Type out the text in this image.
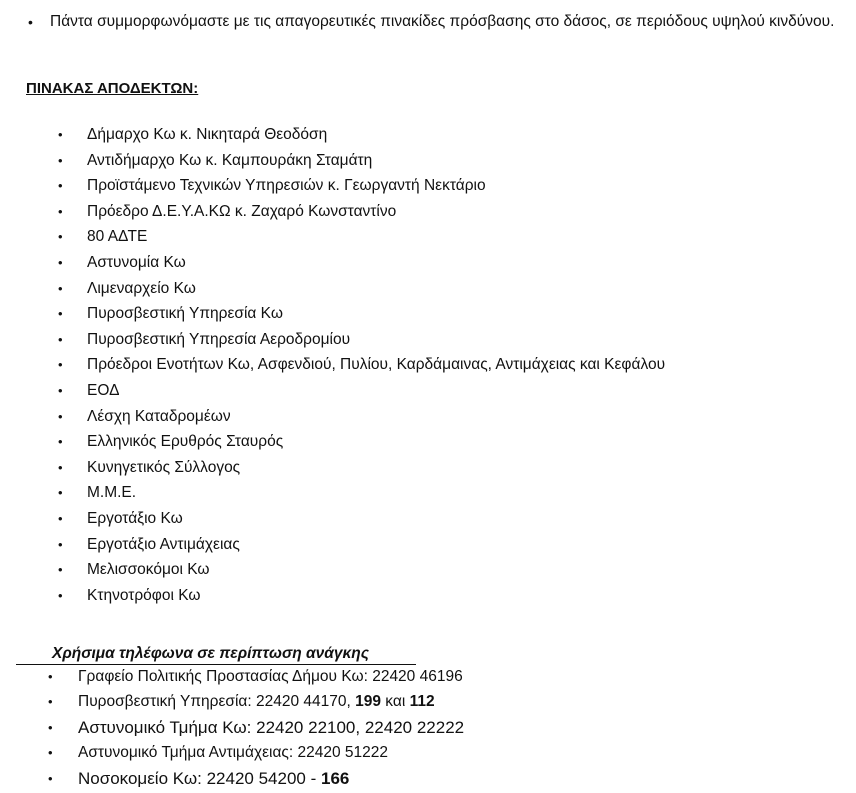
• Πάντα συμμορφωνόμαστε με τις απαγορευτικές πινακίδες πρόσβασης στο δάσος, σε περιόδους υψηλού κινδύνου.
ΠΙΝΑΚΑΣ ΑΠΟΔΕΚΤΩΝ:
• Δήμαρχο Κω κ. Νικηταρά Θεοδόση
• Αντιδήμαρχο Κω κ. Καμπουράκη Σταμάτη
• Προϊστάμενο Τεχνικών Υπηρεσιών κ. Γεωργαντή Νεκτάριο
• Πρόεδρο Δ.Ε.Υ.Α.ΚΩ κ. Ζαχαρό Κωνσταντίνο
• 80 ΑΔΤΕ
• Αστυνομία Κω
• Λιμεναρχείο Κω
• Πυροσβεστική Υπηρεσία Κω
• Πυροσβεστική Υπηρεσία Αεροδρομίου
• Πρόεδροι Ενοτήτων Κω, Ασφενδιού, Πυλίου, Καρδάμαινας, Αντιμάχειας και Κεφάλου
• ΕΟΔ
• Λέσχη Καταδρομέων
• Ελληνικός Ερυθρός Σταυρός
• Κυνηγετικός Σύλλογος
• Μ.Μ.Ε.
• Εργοτάξιο Κω
• Εργοτάξιο Αντιμάχειας
• Μελισσοκόμοι Κω
• Κτηνοτρόφοι Κω
Χρήσιμα τηλέφωνα σε περίπτωση ανάγκης
• Γραφείο Πολιτικής Προστασίας Δήμου Κω: 22420 46196
• Πυροσβεστική Υπηρεσία: 22420 44170, 199 και 112
• Αστυνομικό Τμήμα Κω: 22420 22100, 22420 22222
• Αστυνομικό Τμήμα Αντιμάχειας: 22420 51222
• Νοσοκομείο Κω: 22420 54200 - 166
